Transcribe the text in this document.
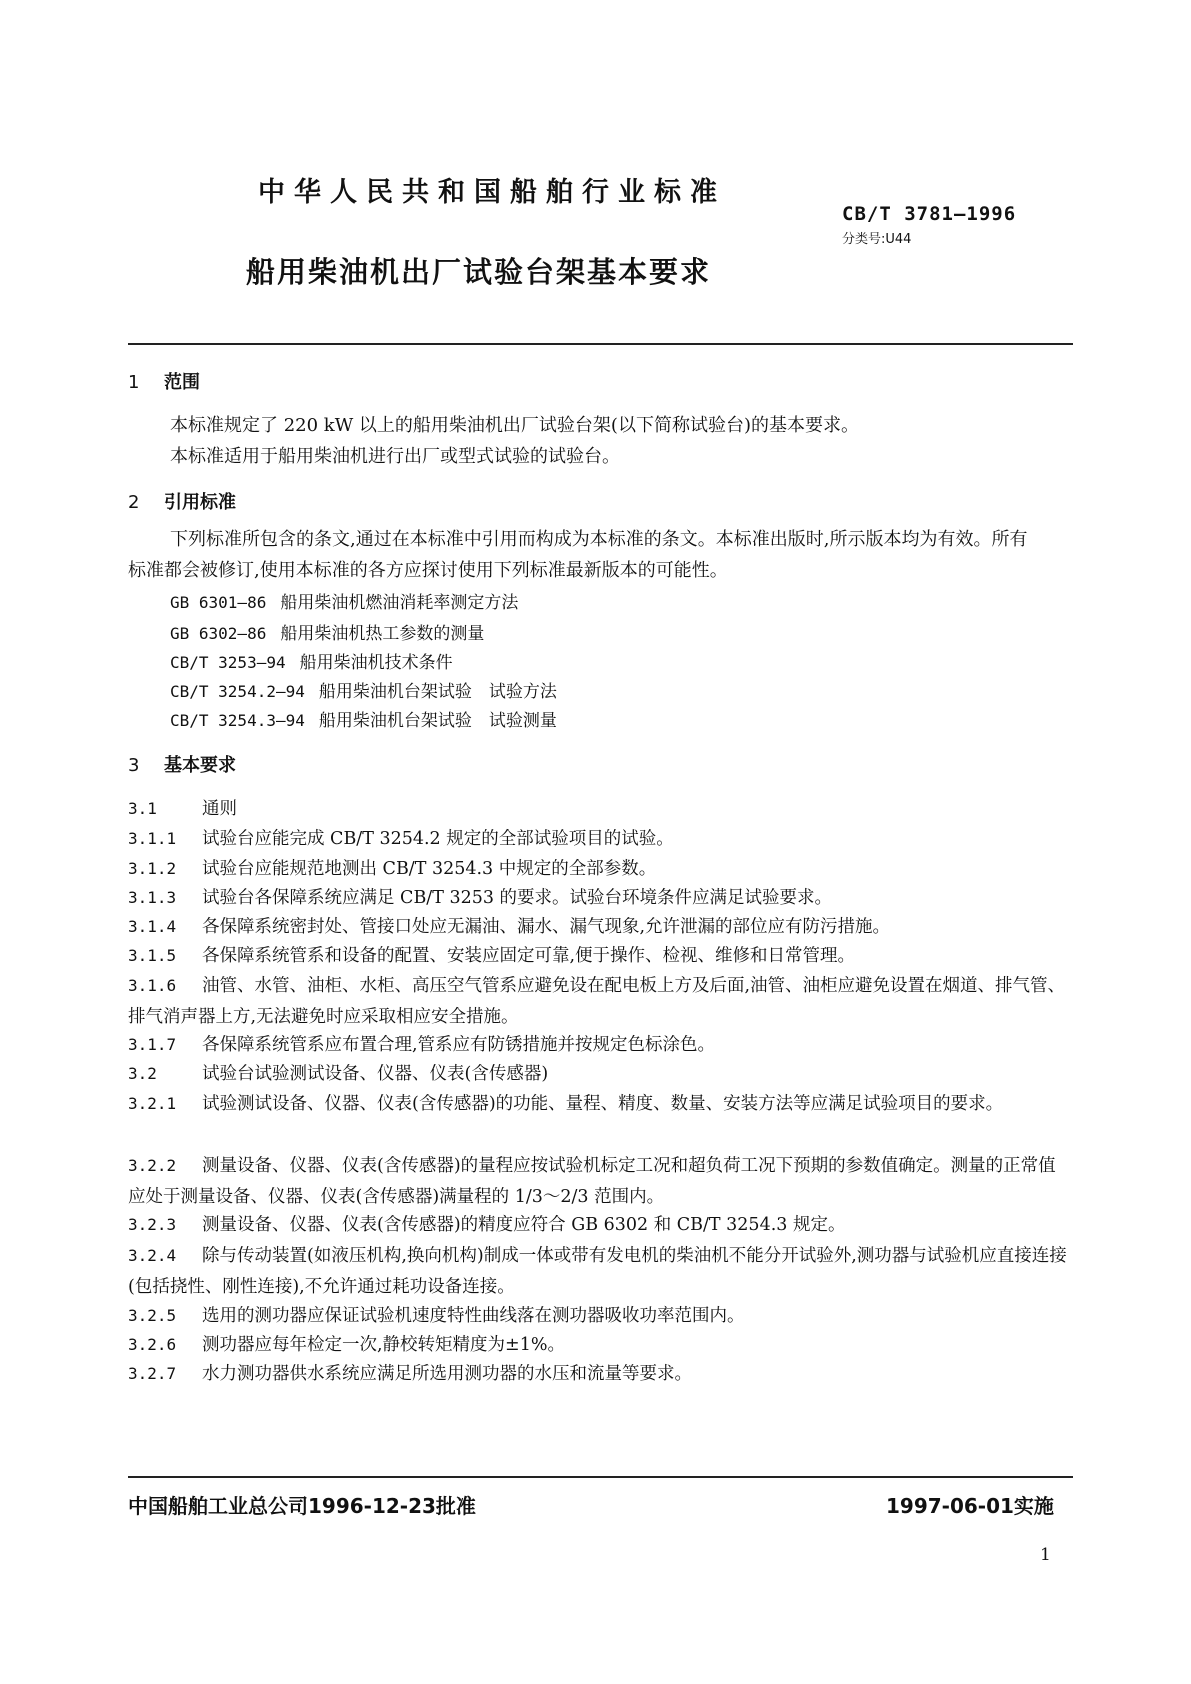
中华人民共和国船舶行业标准
CB/T 3781—1996
分类号:U44
船用柴油机出厂试验台架基本要求
1 范围
本标准规定了 220 kW 以上的船用柴油机出厂试验台架(以下简称试验台)的基本要求。
本标准适用于船用柴油机进行出厂或型式试验的试验台。
2 引用标准
下列标准所包含的条文,通过在本标准中引用而构成为本标准的条文。本标准出版时,所示版本均为有效。所有标准都会被修订,使用本标准的各方应探讨使用下列标准最新版本的可能性。
GB 6301—86 船用柴油机燃油消耗率测定方法
GB 6302—86 船用柴油机热工参数的测量
CB/T 3253—94 船用柴油机技术条件
CB/T 3254.2—94 船用柴油机台架试验　试验方法
CB/T 3254.3—94 船用柴油机台架试验　试验测量
3 基本要求
3.1	通则
3.1.1 试验台应能完成 CB/T 3254.2 规定的全部试验项目的试验。
3.1.2 试验台应能规范地测出 CB/T 3254.3 中规定的全部参数。
3.1.3 试验台各保障系统应满足 CB/T 3253 的要求。试验台环境条件应满足试验要求。
3.1.4 各保障系统密封处、管接口处应无漏油、漏水、漏气现象,允许泄漏的部位应有防污措施。
3.1.5 各保障系统管系和设备的配置、安装应固定可靠,便于操作、检视、维修和日常管理。
3.1.6 油管、水管、油柜、水柜、高压空气管系应避免设在配电板上方及后面,油管、油柜应避免设置在烟道、排气管、排气消声器上方,无法避免时应采取相应安全措施。
3.1.7 各保障系统管系应布置合理,管系应有防锈措施并按规定色标涂色。
3.2	试验台试验测试设备、仪器、仪表(含传感器)
3.2.1 试验测试设备、仪器、仪表(含传感器)的功能、量程、精度、数量、安装方法等应满足试验项目的要求。
3.2.2 测量设备、仪器、仪表(含传感器)的量程应按试验机标定工况和超负荷工况下预期的参数值确定。测量的正常值应处于测量设备、仪器、仪表(含传感器)满量程的 1/3～2/3 范围内。
3.2.3 测量设备、仪器、仪表(含传感器)的精度应符合 GB 6302 和 CB/T 3254.3 规定。
3.2.4 除与传动装置(如液压机构,换向机构)制成一体或带有发电机的柴油机不能分开试验外,测功器与试验机应直接连接(包括挠性、刚性连接),不允许通过耗功设备连接。
3.2.5 选用的测功器应保证试验机速度特性曲线落在测功器吸收功率范围内。
3.2.6 测功器应每年检定一次,静校转矩精度为±1%。
3.2.7 水力测功器供水系统应满足所选用测功器的水压和流量等要求。
中国船舶工业总公司1996-12-23批准	1997-06-01实施
1
